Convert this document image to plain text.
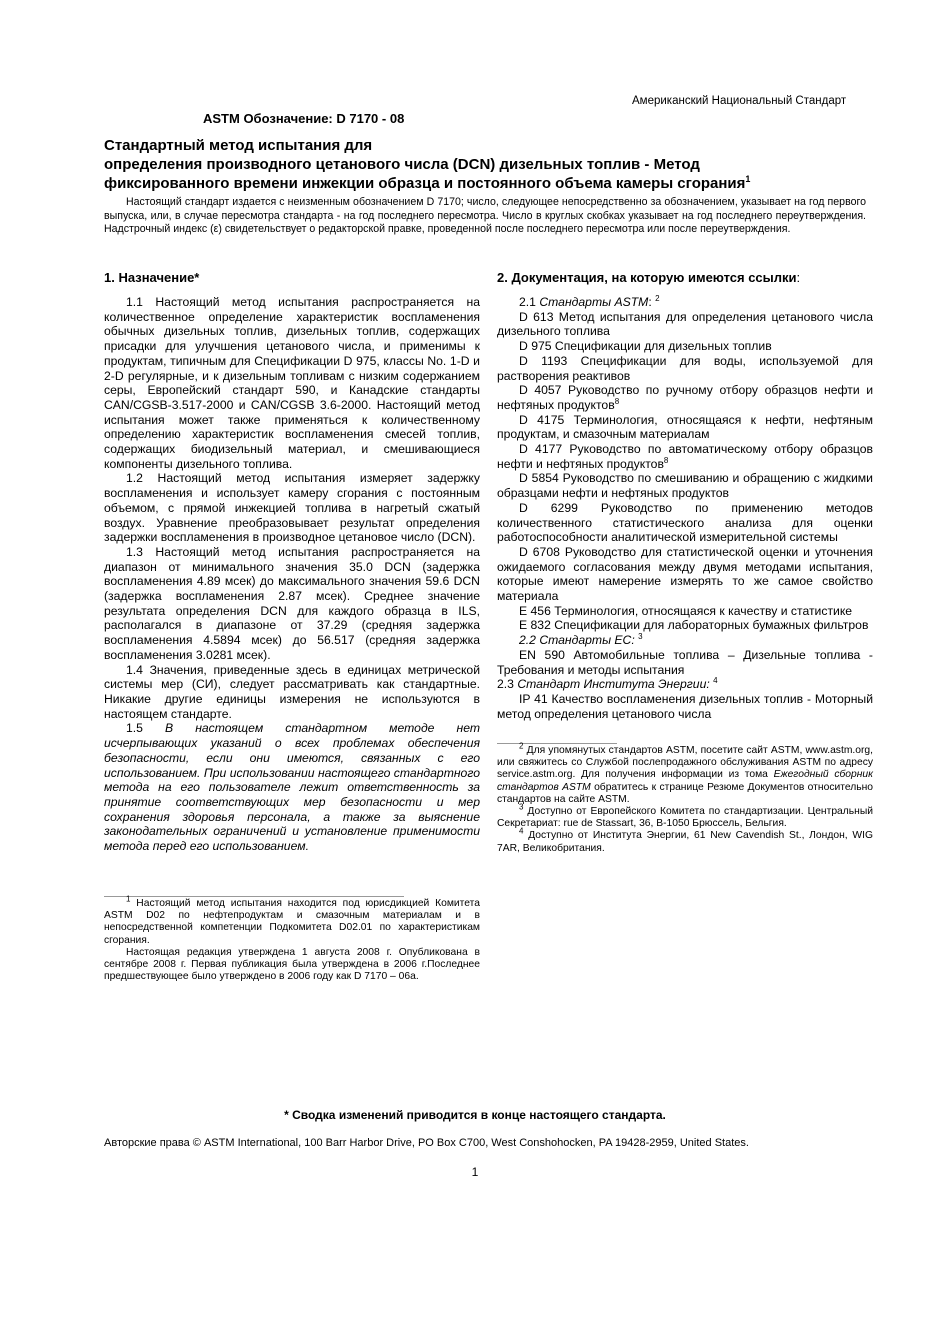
Американский Национальный Стандарт
ASTM Обозначение: D 7170 - 08
Стандартный метод испытания для
определения производного цетанового числа (DCN) дизельных топлив - Метод
фиксированного времени инжекции образца и постоянного объема камеры сгорания$^1$
Настоящий стандарт издается с неизменным обозначением D 7170; число, следующее непосредственно за обозначением, указывает на год первого выпуска, или, в случае пересмотра стандарта - на год последнего пересмотра. Число в круглых скобках указывает на год последнего переутверждения. Надстрочный индекс (ε) свидетельствует о редакторской правке, проведенной после последнего пересмотра или после переутверждения.
1. Назначение*

1.1 Настоящий метод испытания распространяется на количественное определение характеристик воспламенения обычных дизельных топлив, дизельных топлив, содержащих присадки для улучшения цетанового числа, и применимы к продуктам, типичным для Спецификации D 975, классы No. 1-D и 2-D регулярные, и к дизельным топливам с низким содержанием серы, Европейский стандарт 590, и Канадские стандарты CAN/CGSB-3.517-2000 и CAN/CGSB 3.6-2000. Настоящий метод испытания может также применяться к количественному определению характеристик воспламенения смесей топлив, содержащих биодизельный материал, и смешивающиеся компоненты дизельного топлива.

1.2 Настоящий метод испытания измеряет задержку воспламенения и использует камеру сгорания с постоянным объемом, с прямой инжекцией топлива в нагретый сжатый воздух. Уравнение преобразовывает результат определения задержки воспламенения в производное цетановое число (DCN).

1.3 Настоящий метод испытания распространяется на диапазон от минимального значения 35.0 DCN (задержка воспламенения 4.89 мсек) до максимального значения 59.6 DCN (задержка воспламенения 2.87 мсек). Среднее значение результата определения DCN для каждого образца в ILS, располагался в диапазоне от 37.29 (средняя задержка воспламенения 4.5894 мсек) до 56.517 (средняя задержка воспламенения 3.0281 мсек).

1.4 Значения, приведенные здесь в единицах метрической системы мер (СИ), следует рассматривать как стандартные. Никакие другие единицы измерения не используются в настоящем стандарте.

1.5 В настоящем стандартном методе нет исчерпывающих указаний о всех проблемах обеспечения безопасности, если они имеются, связанных с его использованием. При использовании настоящего стандартного метода на его пользователе лежит ответственность за принятие соответствующих мер безопасности и мер сохранения здоровья персонала, а также за выяснение законодательных ограничений и установление применимости метода перед его использованием.

$^1$ Настоящий метод испытания находится под юрисдикцией Комитета ASTM D02 по нефтепродуктам и смазочным материалам и в непосредственной компетенции Подкомитета D02.01 по характеристикам сгорания.

Настоящая редакция утверждена 1 августа 2008 г. Опубликована в сентябре 2008 г. Первая публикация была утверждена в 2006 г.Последнее предшествующее было утверждено в 2006 году как D 7170 – 06a.

2. Документация, на которую имеются ссылки:

2.1 Стандарты ASTM: $^2$

D 613 Метод испытания для определения цетанового числа дизельного топлива

D 975 Спецификации для дизельных топлив

D 1193 Спецификации для воды, используемой для растворения реактивов

D 4057 Руководство по ручному отбору образцов нефти и нефтяных продуктов$^8$

D 4175 Терминология, относящаяся к нефти, нефтяным продуктам, и смазочным материалам

D 4177 Руководство по автоматическому отбору образцов нефти и нефтяных продуктов$^8$

D 5854 Руководство по смешиванию и обращению с жидкими образцами нефти и нефтяных продуктов

D 6299 Руководство по применению методов количественного статистического анализа для оценки работоспособности аналитической измерительной системы

D 6708 Руководство для статистической оценки и уточнения ожидаемого согласования между двумя методами испытания, которые имеют намерение измерять то же самое свойство материала

E 456 Терминология, относящаяся к качеству и статистике

E 832 Спецификации для лабораторных бумажных фильтров

2.2 Стандарты ЕС: $^3$

EN 590 Автомобильные топлива – Дизельные топлива - Требования и методы испытания

2.3 Стандарт Института Энергии: $^4$

IP 41 Качество воспламенения дизельных топлив - Моторный метод определения цетанового числа

$^2$ Для упомянутых стандартов ASTM, посетите сайт ASTM, www.astm.org, или свяжитесь со Службой послепродажного обслуживания ASTM по адресу service.astm.org. Для получения информации из тома Ежегодный сборник стандартов ASTM обратитесь к странице Резюме Документов относительно стандартов на сайте ASTM.

$^3$ Доступно от Европейского Комитета по стандартизации. Центральный Секретариат: rue de Stassart, 36, B-1050 Брюссель, Бельгия.

$^4$ Доступно от Института Энергии, 61 New Cavendish St., Лондон, WIG 7AR, Великобритания.

* Сводка изменений приводится в конце настоящего стандарта.
Авторские права © ASTM International, 100 Barr Harbor Drive, PO Box C700, West Conshohocken, PA 19428-2959, United States.
1
